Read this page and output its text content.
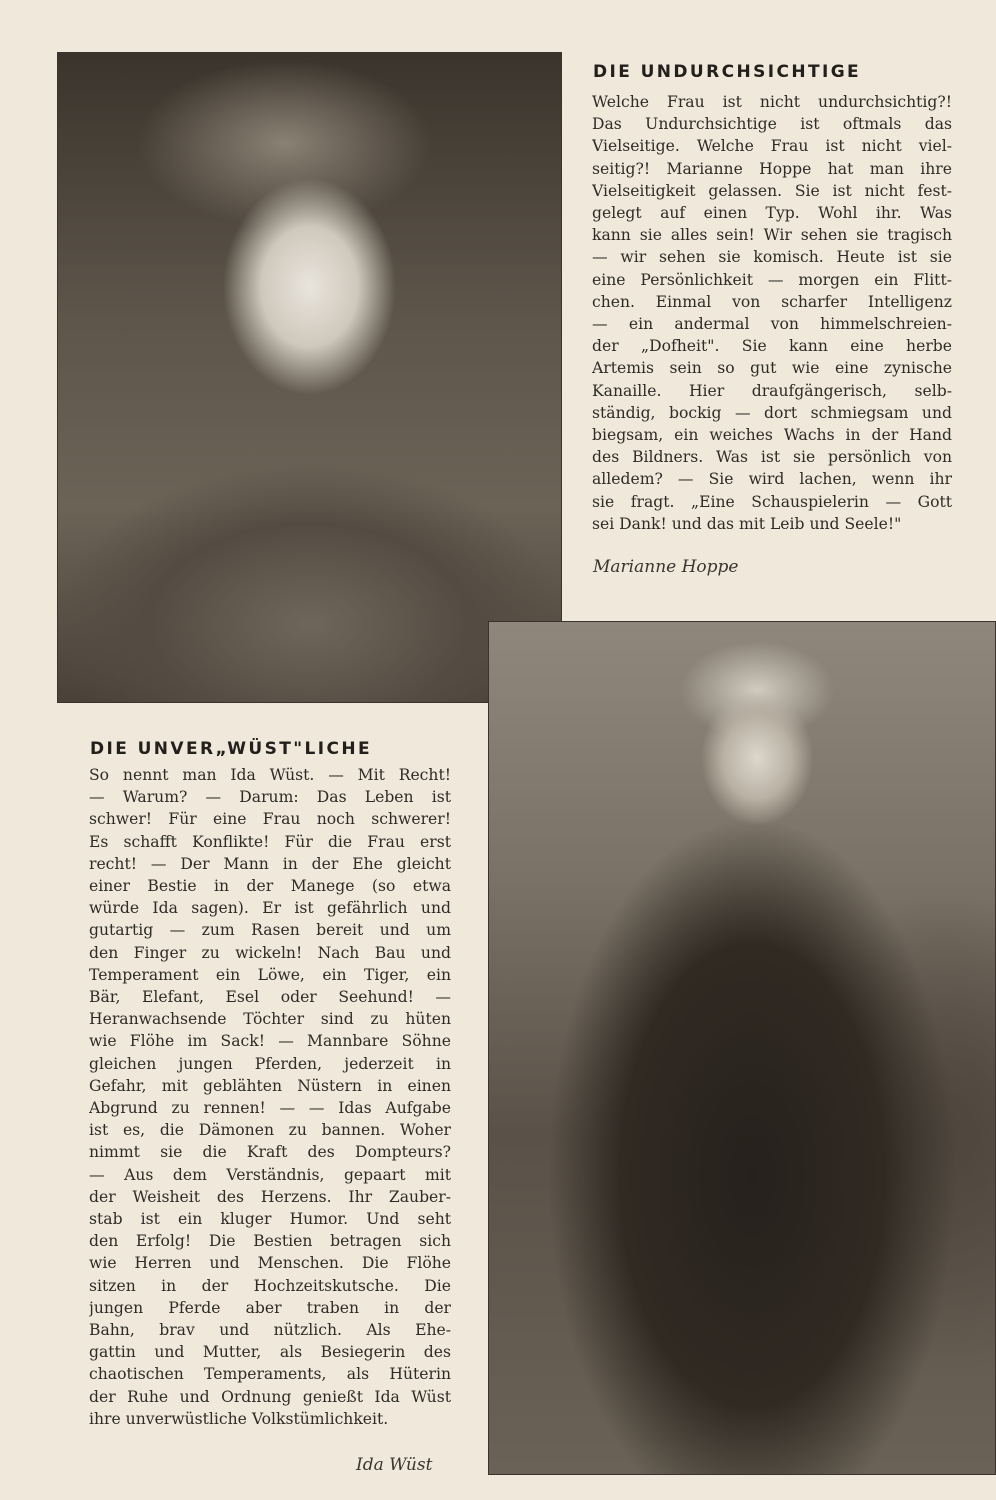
DIE UNDURCHSICHTIGE
Welche Frau ist nicht undurchsichtig?!
Das Undurchsichtige ist oftmals das
Vielseitige. Welche Frau ist nicht viel-
seitig?! Marianne Hoppe hat man ihre
Vielseitigkeit gelassen. Sie ist nicht fest-
gelegt auf einen Typ. Wohl ihr. Was
kann sie alles sein! Wir sehen sie tragisch
— wir sehen sie komisch. Heute ist sie
eine Persönlichkeit — morgen ein Flitt-
chen. Einmal von scharfer Intelligenz
— ein andermal von himmelschreien-
der „Dofheit". Sie kann eine herbe
Artemis sein so gut wie eine zynische
Kanaille. Hier draufgängerisch, selb-
ständig, bockig — dort schmiegsam und
biegsam, ein weiches Wachs in der Hand
des Bildners. Was ist sie persönlich von
alledem? — Sie wird lachen, wenn ihr
sie fragt. „Eine Schauspielerin — Gott
sei Dank! und das mit Leib und Seele!"
Marianne Hoppe
DIE UNVER„WÜST"LICHE
So nennt man Ida Wüst. — Mit Recht!
— Warum? — Darum: Das Leben ist
schwer! Für eine Frau noch schwerer!
Es schafft Konflikte! Für die Frau erst
recht! — Der Mann in der Ehe gleicht
einer Bestie in der Manege (so etwa
würde Ida sagen). Er ist gefährlich und
gutartig — zum Rasen bereit und um
den Finger zu wickeln! Nach Bau und
Temperament ein Löwe, ein Tiger, ein
Bär, Elefant, Esel oder Seehund! —
Heranwachsende Töchter sind zu hüten
wie Flöhe im Sack! — Mannbare Söhne
gleichen jungen Pferden, jederzeit in
Gefahr, mit geblähten Nüstern in einen
Abgrund zu rennen! — — Idas Aufgabe
ist es, die Dämonen zu bannen. Woher
nimmt sie die Kraft des Dompteurs?
— Aus dem Verständnis, gepaart mit
der Weisheit des Herzens. Ihr Zauber-
stab ist ein kluger Humor. Und seht
den Erfolg! Die Bestien betragen sich
wie Herren und Menschen. Die Flöhe
sitzen in der Hochzeitskutsche. Die
jungen Pferde aber traben in der
Bahn, brav und nützlich. Als Ehe-
gattin und Mutter, als Besiegerin des
chaotischen Temperaments, als Hüterin
der Ruhe und Ordnung genießt Ida Wüst
ihre unverwüstliche Volkstümlichkeit.
Ida Wüst
